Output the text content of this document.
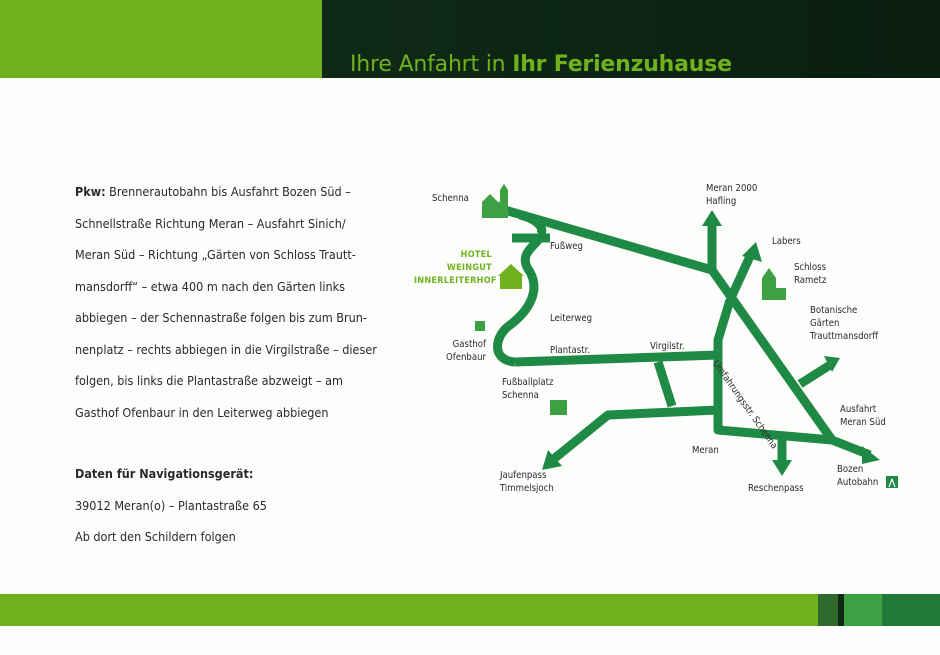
Ihre Anfahrt in Ihr Ferienzuhause

Pkw: Brennerautobahn bis Ausfahrt Bozen Süd –

Schnellstraße Richtung Meran – Ausfahrt Sinich/

Meran Süd – Richtung „Gärten von Schloss Trautt-

mansdorff“ – etwa 400 m nach den Gärten links

abbiegen – der Schennastraße folgen bis zum Brun-

nenplatz – rechts abbiegen in die Virgilstraße – dieser

folgen, bis links die Plantastraße abzweigt – am

Gasthof Ofenbaur in den Leiterweg abbiegen

Daten für Navigationsgerät:

39012 Meran(o) – Plantastraße 65

Ab dort den Schildern folgen

Schenna
Meran 2000
Hafling
Labers
Schloss
Rametz
Fußweg
HOTEL
WEINGUT
INNERLEITERHOF
Leiterweg
Gasthof
Ofenbaur
Plantastr.	Virgilstr.
Umfahrungsstr. Schenna
Botanische
Gärten
Trauttmansdorff
Fußballplatz
Schenna
Ausfahrt
Meran Süd
Meran
Jaufenpass
Timmelsjoch	Reschenpass
Bozen
Autobahn
